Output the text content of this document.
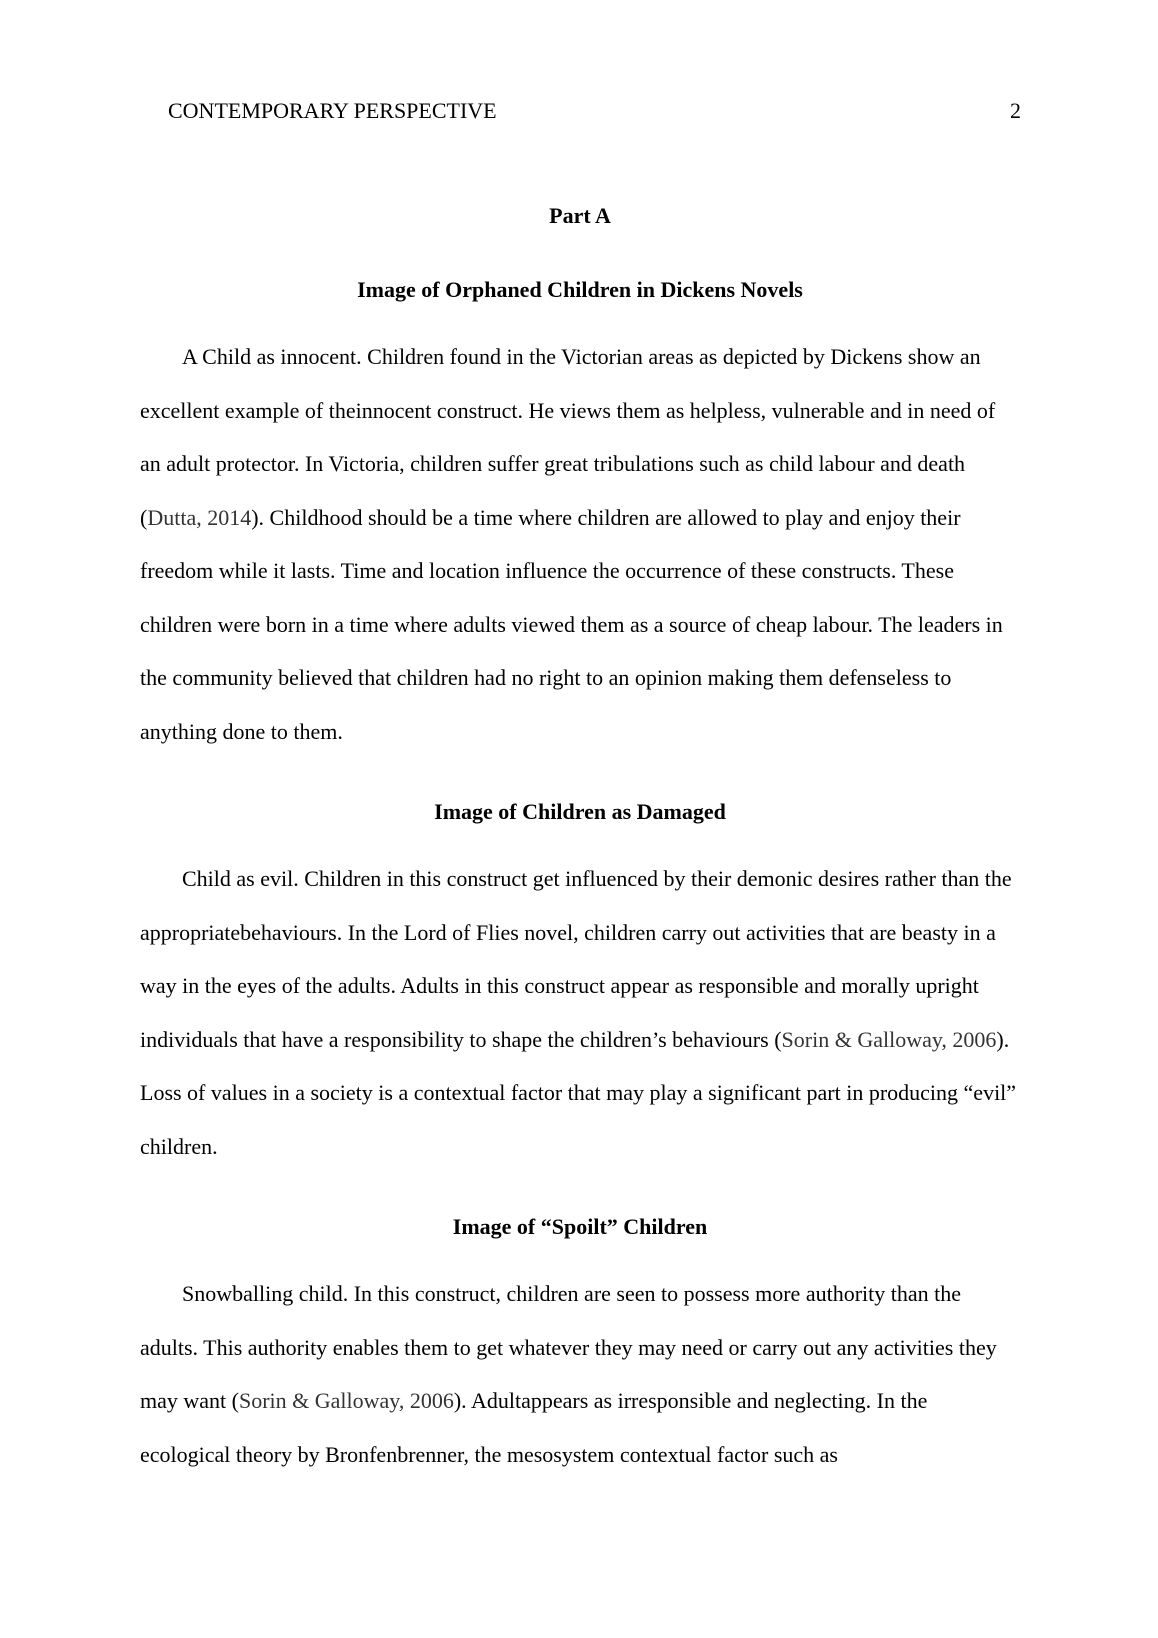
CONTEMPORARY PERSPECTIVE	2
Part A
Image of Orphaned Children in Dickens Novels

A Child as innocent. Children found in the Victorian areas as depicted by Dickens show an excellent example of theinnocent construct. He views them as helpless, vulnerable and in need of an adult protector. In Victoria, children suffer great tribulations such as child labour and death (Dutta, 2014). Childhood should be a time where children are allowed to play and enjoy their freedom while it lasts. Time and location influence the occurrence of these constructs. These children were born in a time where adults viewed them as a source of cheap labour. The leaders in the community believed that children had no right to an opinion making them defenseless to anything done to them.

Image of Children as Damaged

Child as evil. Children in this construct get influenced by their demonic desires rather than the appropriatebehaviours. In the Lord of Flies novel, children carry out activities that are beasty in a way in the eyes of the adults. Adults in this construct appear as responsible and morally upright individuals that have a responsibility to shape the children’s behaviours (Sorin & Galloway, 2006). Loss of values in a society is a contextual factor that may play a significant part in producing “evil” children.

Image of “Spoilt” Children

Snowballing child. In this construct, children are seen to possess more authority than the adults. This authority enables them to get whatever they may need or carry out any activities they may want (Sorin & Galloway, 2006). Adultappears as irresponsible and neglecting. In the ecological theory by Bronfenbrenner, the mesosystem contextual factor such as
